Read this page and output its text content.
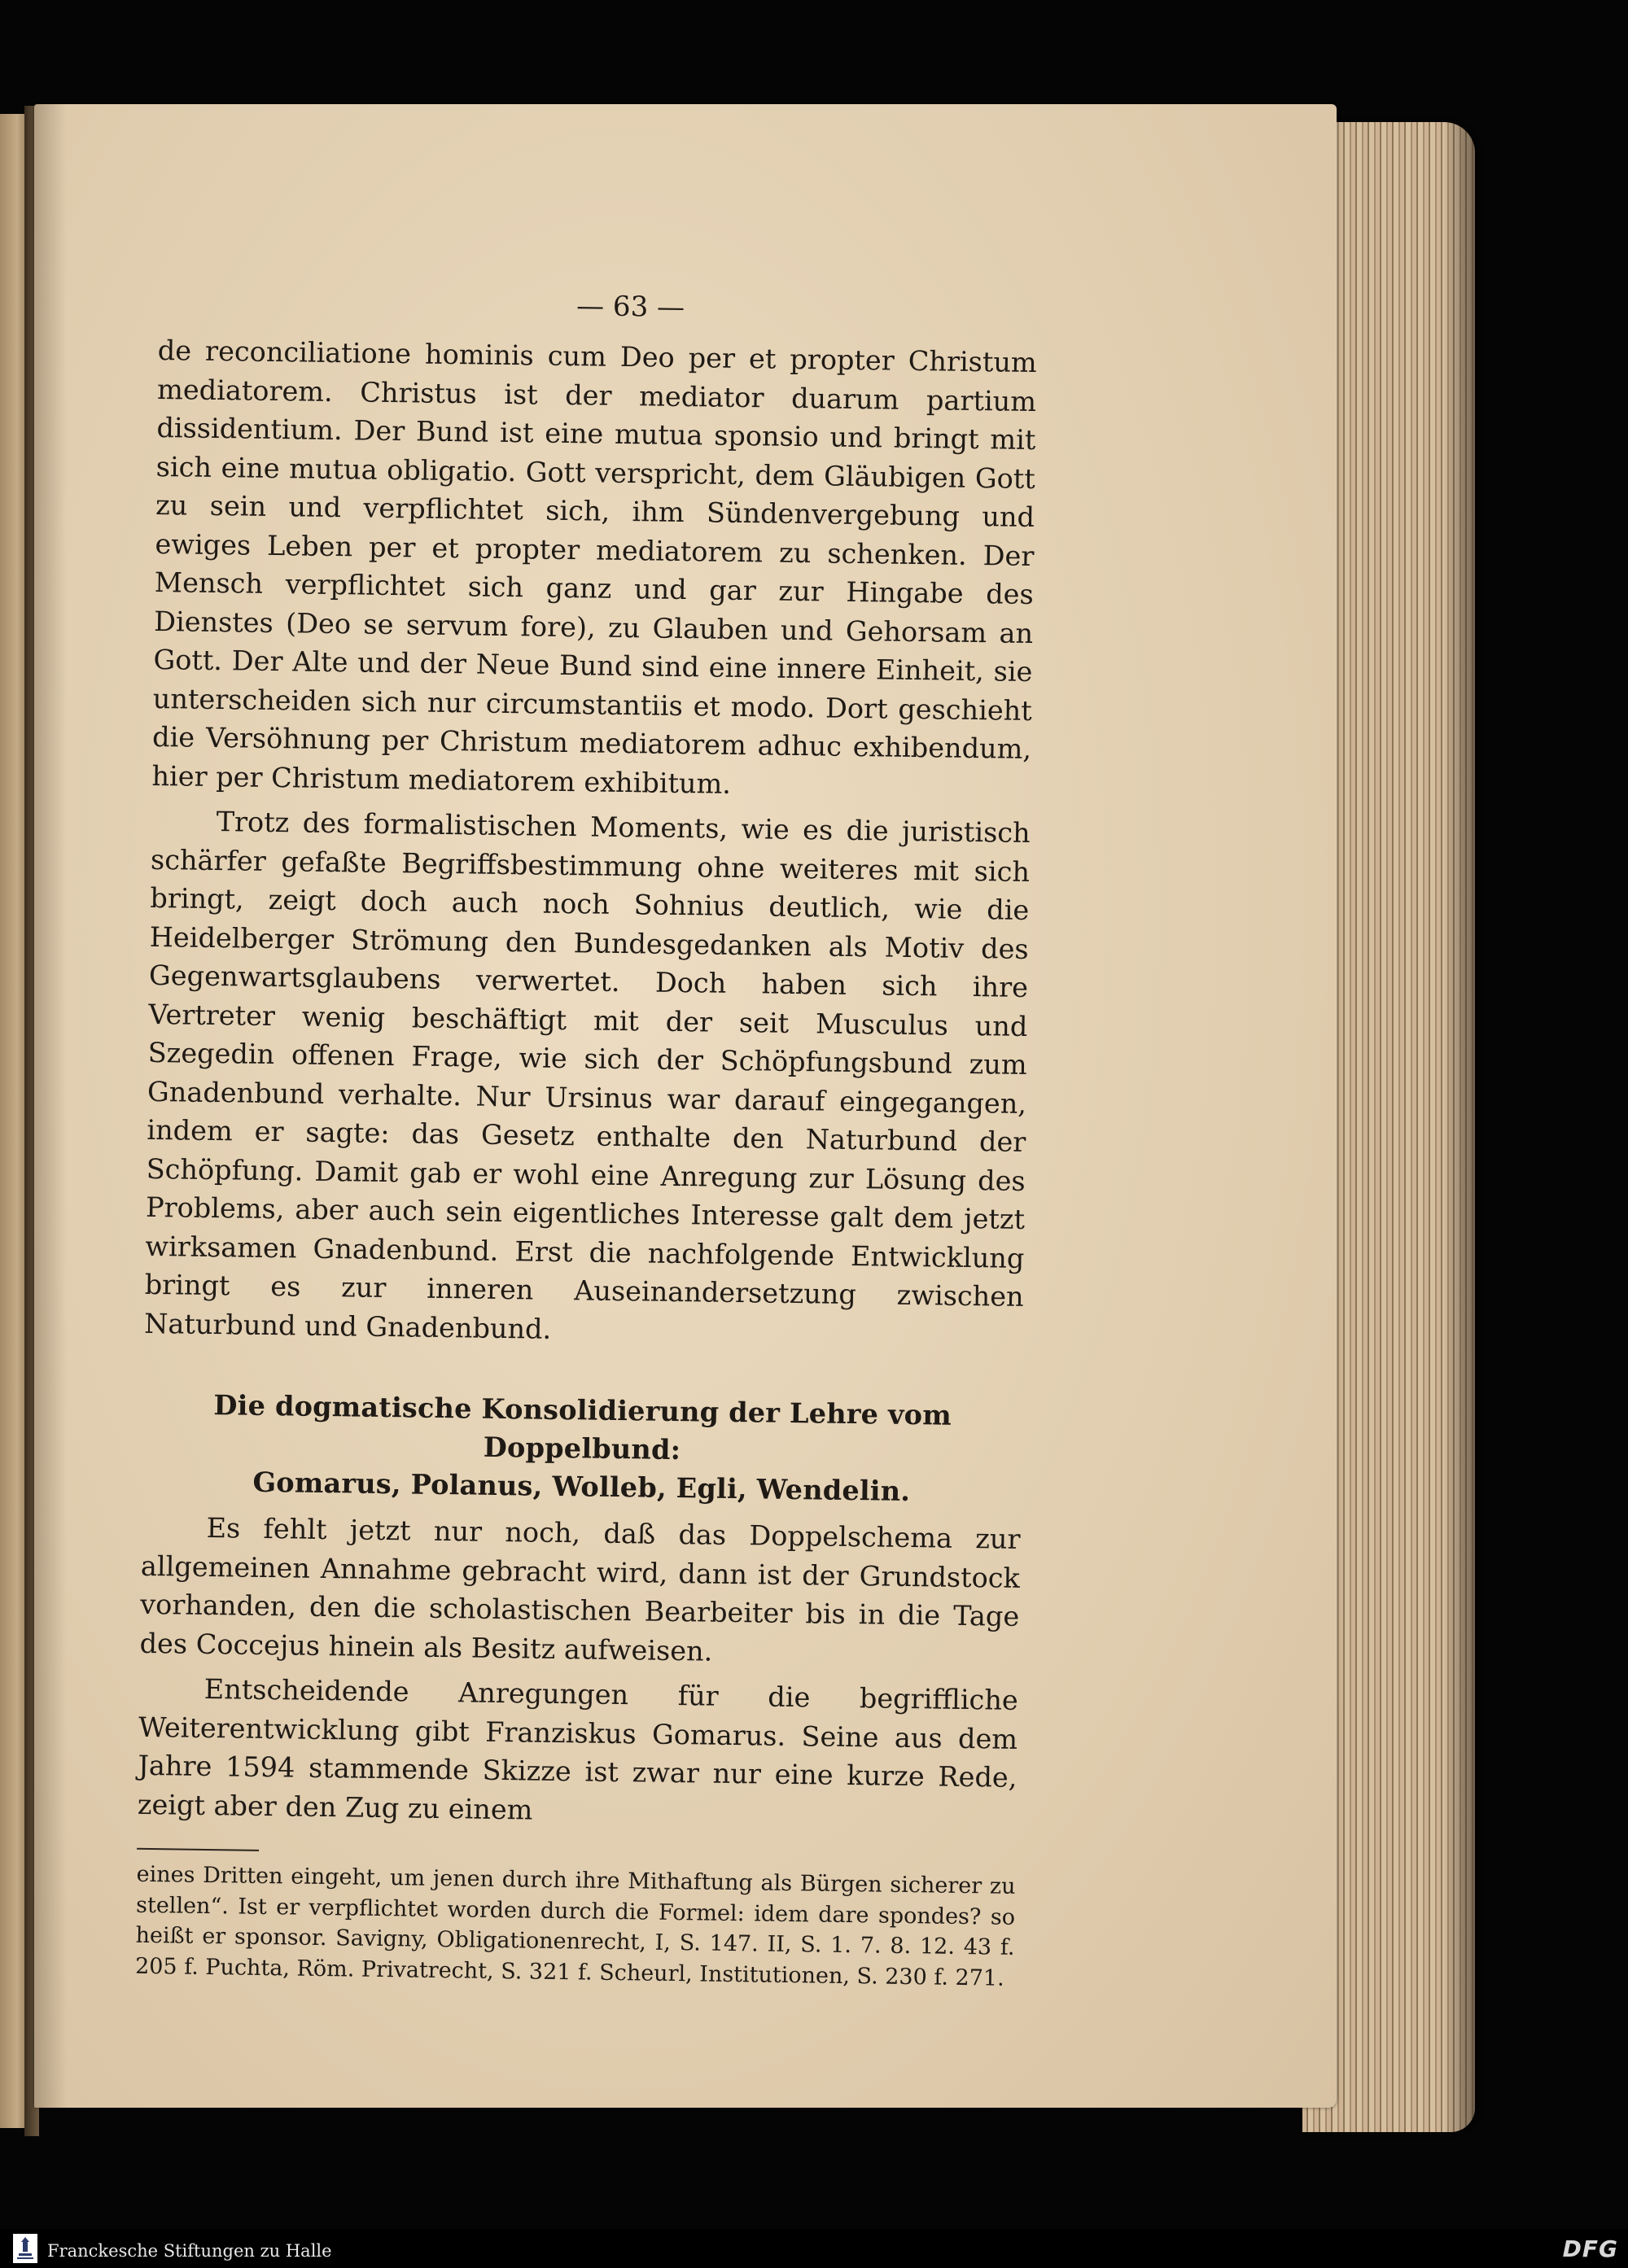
— 63 —

de reconciliatione hominis cum Deo per et propter Christum mediatorem. Christus ist der mediator duarum partium dissidentium. Der Bund ist eine mutua sponsio und bringt mit sich eine mutua obligatio. Gott verspricht, dem Gläubigen Gott zu sein und verpflichtet sich, ihm Sündenvergebung und ewiges Leben per et propter mediatorem zu schenken. Der Mensch verpflichtet sich ganz und gar zur Hingabe des Dienstes (Deo se servum fore), zu Glauben und Gehorsam an Gott. Der Alte und der Neue Bund sind eine innere Einheit, sie unterscheiden sich nur circumstantiis et modo. Dort geschieht die Versöhnung per Christum mediatorem adhuc exhibendum, hier per Christum mediatorem exhibitum.

Trotz des formalistischen Moments, wie es die juristisch schärfer gefaßte Begriffsbestimmung ohne weiteres mit sich bringt, zeigt doch auch noch Sohnius deutlich, wie die Heidelberger Strömung den Bundesgedanken als Motiv des Gegenwartsglaubens verwertet. Doch haben sich ihre Vertreter wenig beschäftigt mit der seit Musculus und Szegedin offenen Frage, wie sich der Schöpfungsbund zum Gnadenbund verhalte. Nur Ursinus war darauf eingegangen, indem er sagte: das Gesetz enthalte den Naturbund der Schöpfung. Damit gab er wohl eine Anregung zur Lösung des Problems, aber auch sein eigentliches Interesse galt dem jetzt wirksamen Gnadenbund. Erst die nachfolgende Entwicklung bringt es zur inneren Auseinandersetzung zwischen Naturbund und Gnadenbund.

Die dogmatische Konsolidierung der Lehre vom Doppelbund:
Gomarus, Polanus, Wolleb, Egli, Wendelin.

Es fehlt jetzt nur noch, daß das Doppelschema zur allgemeinen Annahme gebracht wird, dann ist der Grundstock vorhanden, den die scholastischen Bearbeiter bis in die Tage des Coccejus hinein als Besitz aufweisen.

Entscheidende Anregungen für die begriffliche Weiterentwicklung gibt Franziskus Gomarus. Seine aus dem Jahre 1594 stammende Skizze ist zwar nur eine kurze Rede, zeigt aber den Zug zu einem

eines Dritten eingeht, um jenen durch ihre Mithaftung als Bürgen sicherer zu stellen“. Ist er verpflichtet worden durch die Formel: idem dare spondes? so heißt er sponsor. Savigny, Obligationenrecht, I, S. 147. II, S. 1. 7. 8. 12. 43 f. 205 f. Puchta, Röm. Privatrecht, S. 321 f. Scheurl, Institutionen, S. 230 f. 271.

Franckesche Stiftungen zu Halle	DFG
